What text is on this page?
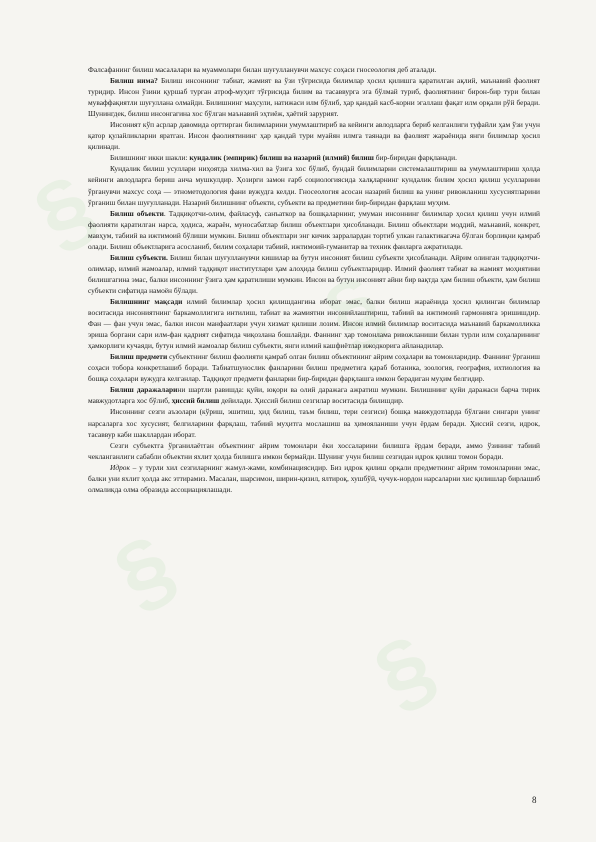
§
§
§
§

Фалсафанинг билиш масалалари ва муаммолари билан шуғулланувчи махсус соҳаси гносеология деб аталади.

Билиш нима? Билиш инсоннинг табиат, жамият ва ўзи тўғрисида билимлар ҳосил қилишга қаратилган ақлий, маънавий фаолият туридир. Инсон ўзини қуршаб турган атроф-муҳит тўғрисида билим ва тасаввурга эга бўлмай туриб, фаолиятнинг бирон-бир тури билан муваффақиятли шуғуллана олмайди. Билишнинг маҳсули, натижаси илм бўлиб, ҳар қандай касб-корни эгаллаш фақат илм орқали рўй беради. Шунингдек, билиш инсонгагина хос бўлган маънавий эҳтиёж, ҳаётий зарурият.

Инсоният кўп асрлар давомида орттирган билимларини умумлаштириб ва кейинги авлодларга бериб келганлиги туфайли ҳам ўзи учун қатор қулайликларни яратган. Инсон фаолиятининг ҳар қандай тури муайян илмга таянади ва фаолият жараёнида янги билимлар ҳосил қилинади.

Билишнинг икки шакли: кундалик (эмпирик) билиш ва назарий (илмий) билиш бир-биридан фарқланади.

Кундалик билиш усуллари ниҳоятда хилма-хил ва ўзига хос бўлиб, бундай билимларни системалаштириш ва умумлаштириш ҳолда кейинги авлодларга бериш анча мушкулдир. Ҳозирги замон ғарб социологиясида халқларнинг кундалик билим ҳосил қилиш усулларини ўрганувчи махсус соҳа — этнометодология фани вужудга келди. Гносеология асосан назарий билиш ва унинг ривожланиш хусусиятларини ўрганиш билан шуғулланади. Назарий билишнинг объекти, субъекти ва предметини бир-биридан фарқлаш муҳим.

Билиш объекти. Тадқиқотчи-олим, файласуф, санъаткор ва бошқаларнинг, умуман инсоннинг билимлар ҳосил қилиш учун илмий фаолияти қаратилган нарса, ҳодиса, жараён, муносабатлар билиш объектлари ҳисобланади. Билиш объектлари моддий, маънавий, конкрет, мавҳум, табиий ва ижтимоий бўлиши мумкин. Билиш объектлари энг кичик зарралардан тортиб улкан галактикагача бўлган борлиқни қамраб олади. Билиш объектларига асосланиб, билим соҳалари табиий, ижтимоий-гуманитар ва техник фанларга ажратилади.

Билиш субъекти. Билиш билан шуғулланувчи кишилар ва бутун инсоният билиш субъекти ҳисобланади. Айрим олинган тадқиқотчи-олимлар, илмий жамоалар, илмий тадқиқот институтлари ҳам алоҳида билиш субъектларидир. Илмий фаолият табиат ва жамият моҳиятини билишгагина эмас, балки инсоннинг ўзига ҳам қаратилиши мумкин. Инсон ва бутун инсоният айни бир вақтда ҳам билиш объекти, ҳам билиш субъекти сифатида намоён бўлади.

Билишнинг мақсади илмий билимлар ҳосил қилишдангина иборат эмас, балки билиш жараёнида ҳосил қилинган билимлар воситасида инсониятнинг баркамоллигига интилиш, табиат ва жамиятни инсонийлаштириш, табиий ва ижтимоий гармонияга эришишдир. Фан — фан учун эмас, балки инсон манфаатлари учун хизмат қилиши лозим. Инсон илмий билимлар воситасида маънавий баркамолликка эриша боргани сари илм-фан қадрият сифатида чиқозлана бошлайди. Фаннинг ҳар томонлама ривожланиши билан турли илм соҳаларининг ҳамкорлиги кучаяди, бутун илмий жамоалар билиш субъекти, янги илмий кашфиётлар ижодкорига айланадилар.

Билиш предмети субъектнинг билиш фаолияти қамраб олган билиш объектининг айрим соҳалари ва томонларидир. Фаннинг ўрганиш соҳаси тобора конкретлашиб боради. Табиатшунослик фанларини билиш предметига қараб ботаника, зоология, география, ихтиология ва бошқа соҳалари вужудга келганлар. Тадқиқот предмети фанларни бир-биридан фарқлашга имкон берадиган муҳим белгидир.

Билиш даражаларини шартли равишда: қуйи, юқори ва олий даражага ажратиш мумкин. Билишнинг қуйи даражаси барча тирик мавжудотларга хос бўлиб, ҳиссий билиш дейилади. Ҳиссий билиш сезгилар воситасида билишдир.

Инсоннинг сезги аъзолари (кўриш, эшитиш, ҳид билиш, таъм билиш, тери сезгиси) бошқа мавжудотларда бўлгани сингари унинг нарсаларга хос хусусият, белгиларини фарқлаш, табиий муҳитга мослашиш ва ҳимояланиши учун ёрдам беради. Ҳиссий сезги, идрок, тасаввур каби шакллардан иборат.

Сезги субъектга ўрганилаётган объектнинг айрим томонлари ёки хоссаларини билишга ёрдам беради, аммо ўзининг табиий чекланганлиги сабабли объектни яхлит ҳолда билишга имкон бермайди. Шунинг учун билиш сезгидан идрок қилиш томон боради.

Идрок – у турли хил сезгиларнинг жамул-жами, комбинациясидир. Биз идрок қилиш орқали предметнинг айрим томонларини эмас, балки уни яхлит ҳолда акс эттирамиз. Масалан, шарсимон, ширин-қизил, ялтироқ, хушбўй, чучук-нордон нарсаларни хис қилишлар бирлашиб олмаликда олма образида ассоциациялашади.

8
